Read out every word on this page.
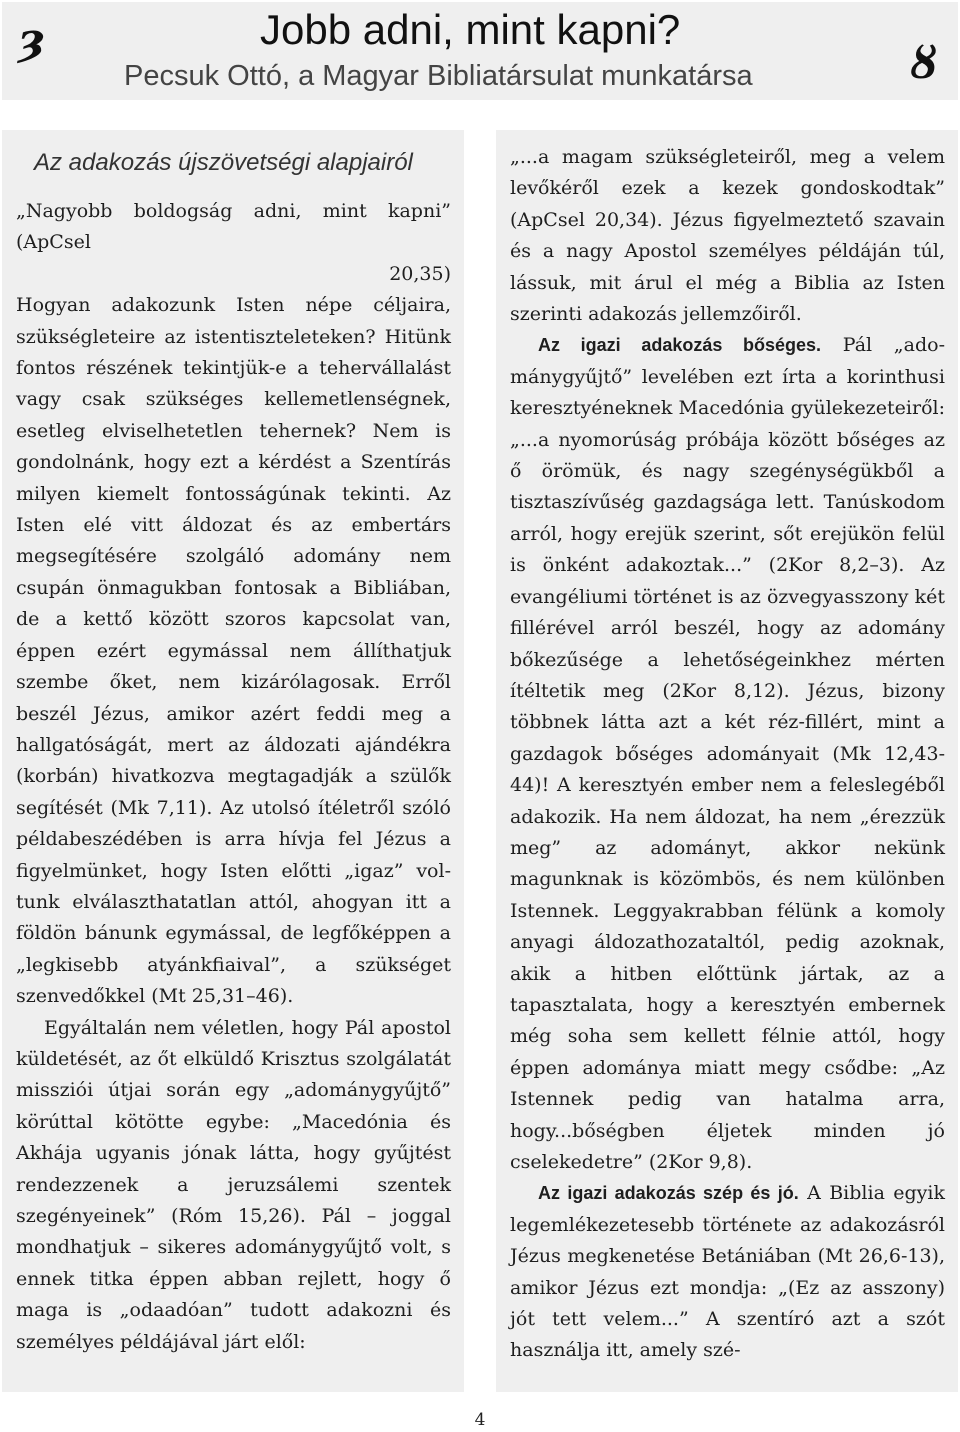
ȝ	Jobb adni, mint kapni?
Pecsuk Ottó, a Magyar Bibliatársulat munkatársa	ȣ
Az adakozás újszövetségi alapjairól

„Nagyobb boldogság adni, mint kapni” (ApCsel
20,35)

Hogyan adakozunk Isten népe céljaira, szükségleteire az istentiszteleteken? Hitünk fontos részének tekintjük-e a tehervállalást vagy csak szükséges kellemetlenségnek, esetleg elviselhetetlen tehernek? Nem is gondolnánk, hogy ezt a kérdést a Szentírás milyen kiemelt fontosságúnak tekinti. Az Isten elé vitt áldozat és az embertárs megsegítésére szolgáló adomány nem csupán önmagukban fontosak a Bibliában, de a kettő között szoros kapcsolat van, éppen ezért egymással nem állíthatjuk szembe őket, nem kizárólagosak. Erről beszél Jézus, amikor azért feddi meg a hallgatóságát, mert az áldozati ajándékra (korbán) hivatkozva megtagadják a szülők segítését (Mk 7,11). Az utolsó ítéletről szóló példabeszédében is arra hívja fel Jézus a figyelmünket, hogy Isten előtti „igaz” voltunk elválaszthatatlan attól, ahogyan itt a földön bánunk egymással, de legfőképpen a „legkisebb atyánkfiaival”, a szükséget szenvedőkkel (Mt 25,31–46).

Egyáltalán nem véletlen, hogy Pál apostol küldetését, az őt elküldő Krisztus szolgálatát missziói útjai során egy „adománygyűjtő” körúttal kötötte egybe: „Macedónia és Akhája ugyanis jónak látta, hogy gyűjtést rendezzenek a jeruzsálemi szentek szegényeinek” (Róm 15,26). Pál – joggal mondhatjuk – sikeres adománygyűjtő volt, s ennek titka éppen abban rejlett, hogy ő maga is „odaadóan” tudott adakozni és személyes példájával járt elől:

„...a magam szükségleteiről, meg a velem levőkéről ezek a kezek gondoskodtak” (ApCsel 20,34). Jézus figyelmeztető szavain és a nagy Apostol személyes példáján túl, lássuk, mit árul el még a Biblia az Isten szerinti adakozás jellemzőiről.

Az igazi adakozás bőséges. Pál „adománygyűjtő” levelében ezt írta a korinthusi keresztyéneknek Macedónia gyülekezeteiről: „...a nyomorúság próbája között bőséges az ő örömük, és nagy szegénységükből a tisztaszívűség gazdagsága lett. Tanúskodom arról, hogy erejük szerint, sőt erejükön felül is önként adakoztak...” (2Kor 8,2–3). Az evangéliumi történet is az özvegyasszony két fillérével arról beszél, hogy az adomány bőkezűsége a lehetőségeinkhez mérten ítéltetik meg (2Kor 8,12). Jézus, bizony többnek látta azt a két réz-fillért, mint a gazdagok bőséges adományait (Mk 12,43-44)! A keresztyén ember nem a feleslegéből adakozik. Ha nem áldozat, ha nem „érezzük meg” az adományt, akkor nekünk magunknak is közömbös, és nem különben Istennek. Leggyakrabban félünk a komoly anyagi áldozathozataltól, pedig azoknak, akik a hitben előttünk jártak, az a tapasztalata, hogy a keresztyén embernek még soha sem kellett félnie attól, hogy éppen adománya miatt megy csődbe: „Az Istennek pedig van hatalma arra, hogy...bőségben éljetek minden jó cselekedetre” (2Kor 9,8).

Az igazi adakozás szép és jó. A Biblia egyik legemlékezetesebb története az adakozásról Jézus megkenetése Betániában (Mt 26,6-13), amikor Jézus ezt mondja: „(Ez az asszony) jót tett velem...” A szentíró azt a szót használja itt, amely szé-

4
